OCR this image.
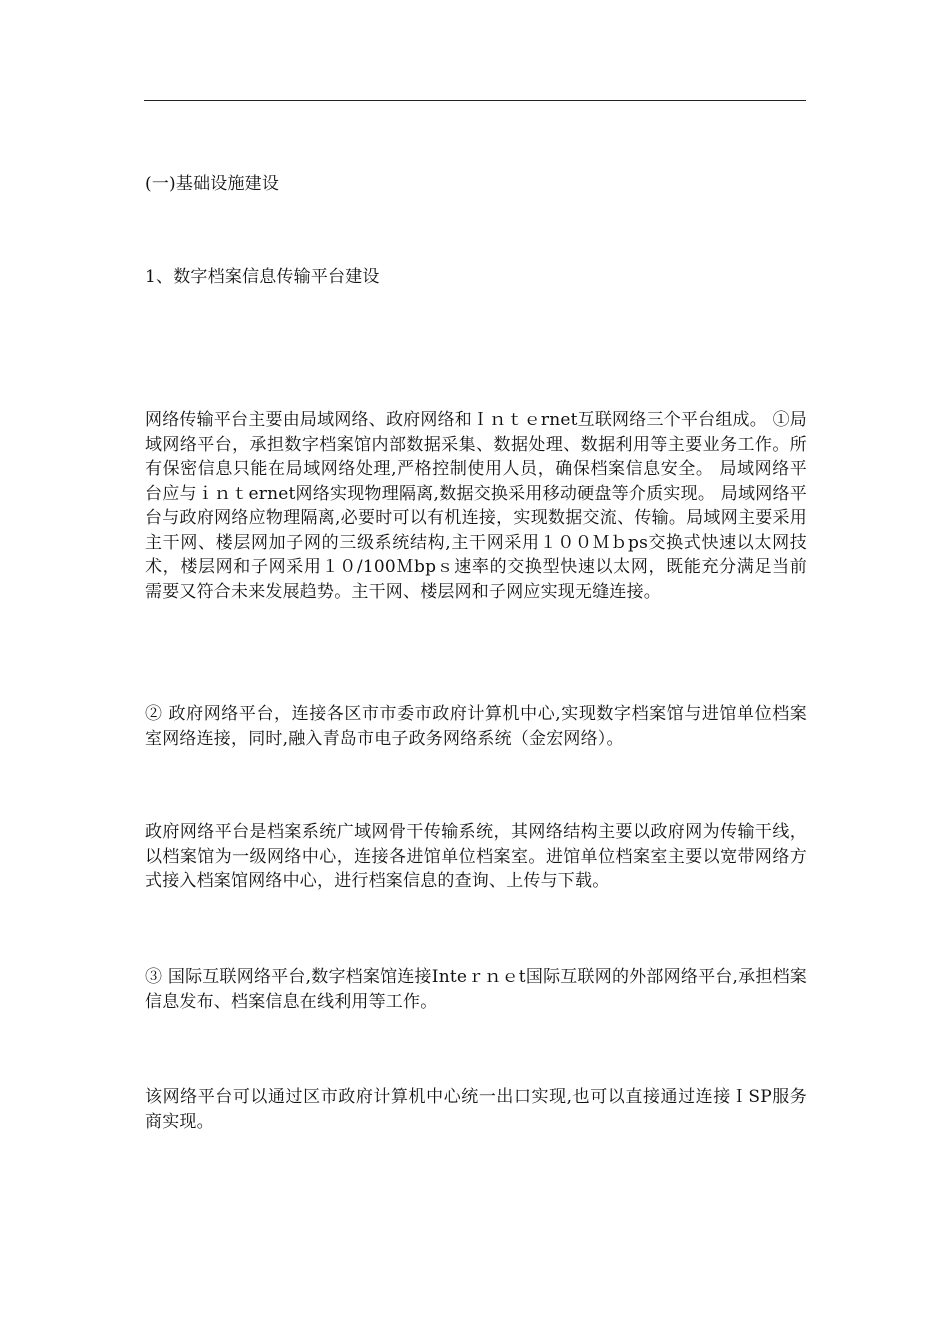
(一)基础设施建设
1、数字档案信息传输平台建设
网络传输平台主要由局域网络、政府网络和Ｉｎｔｅrnet互联网络三个平台组成。 ①局域网络平台，承担数字档案馆内部数据采集、数据处理、数据利用等主要业务工作。所有保密信息只能在局域网络处理,严格控制使用人员，确保档案信息安全。 局域网络平台应与ｉｎｔernet网络实现物理隔离,数据交换采用移动硬盘等介质实现。 局域网络平台与政府网络应物理隔离,必要时可以有机连接，实现数据交流、传输。局域网主要采用主干网、楼层网加子网的三级系统结构,主干网采用１００Ｍｂps交换式快速以太网技术，楼层网和子网采用１０/100Ｍbpｓ速率的交换型快速以太网，既能充分满足当前需要又符合未来发展趋势。主干网、楼层网和子网应实现无缝连接。
② 政府网络平台，连接各区市市委市政府计算机中心,实现数字档案馆与进馆单位档案室网络连接，同时,融入青岛市电子政务网络系统（金宏网络）。
政府网络平台是档案系统广域网骨干传输系统，其网络结构主要以政府网为传输干线，以档案馆为一级网络中心，连接各进馆单位档案室。进馆单位档案室主要以宽带网络方式接入档案馆网络中心，进行档案信息的查询、上传与下载。
③ 国际互联网络平台,数字档案馆连接Inteｒｎｅt国际互联网的外部网络平台,承担档案信息发布、档案信息在线利用等工作。
该网络平台可以通过区市政府计算机中心统一出口实现,也可以直接通过连接ＩSP服务商实现。
